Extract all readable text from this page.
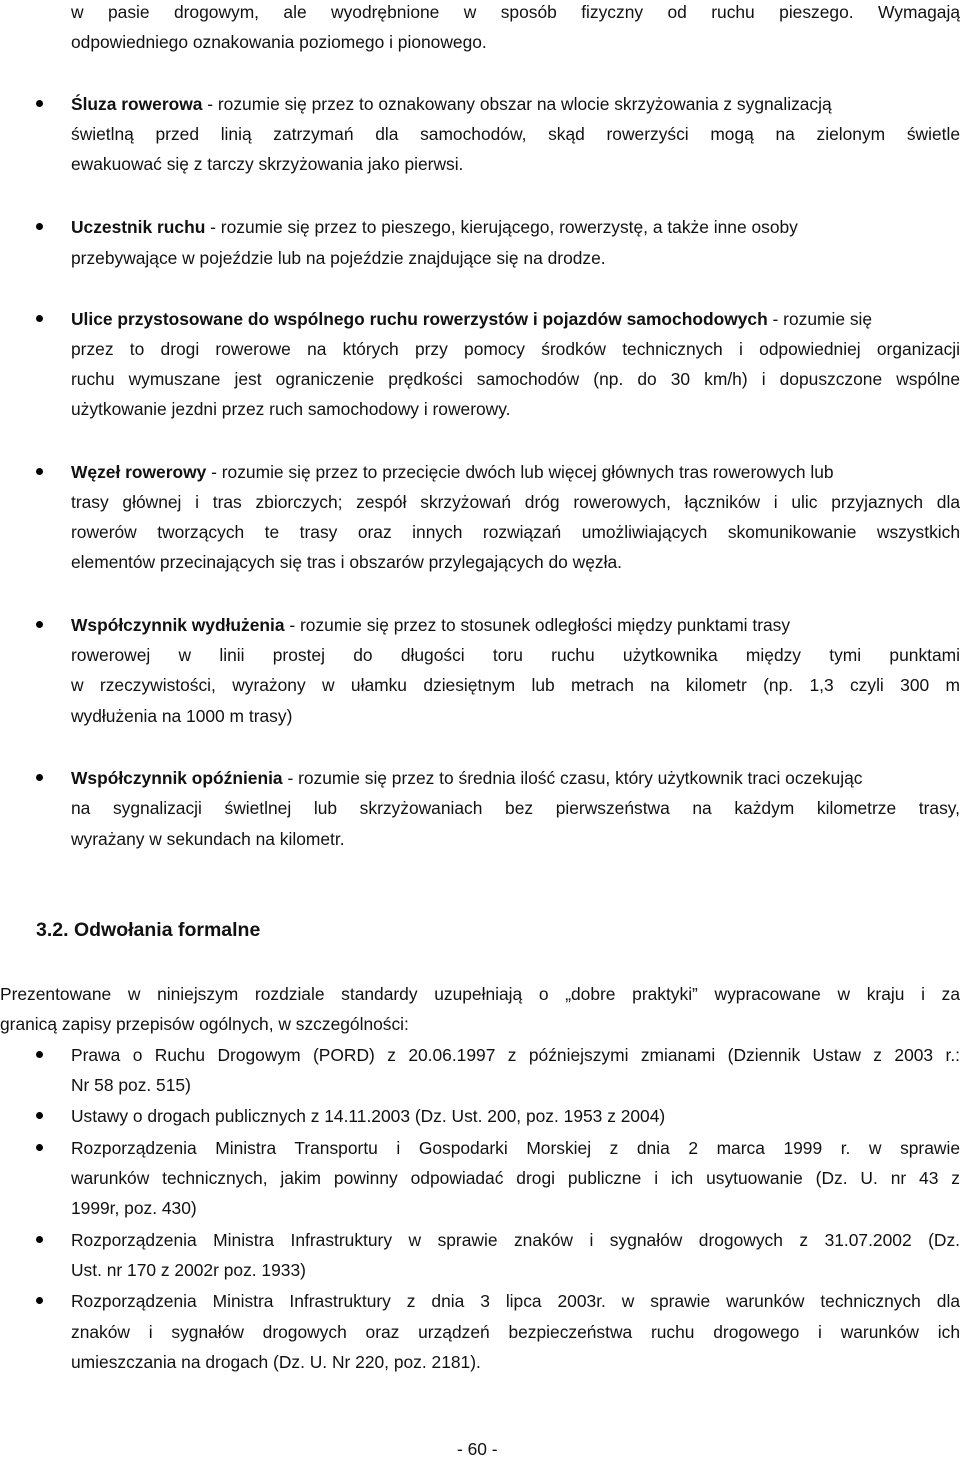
w pasie drogowym, ale wyodrębnione w sposób fizyczny od ruchu pieszego. Wymagają
odpowiedniego oznakowania poziomego i pionowego.
Śluza rowerowa - rozumie się przez to oznakowany obszar na wlocie skrzyżowania z sygnalizacją
świetlną przed linią zatrzymań dla samochodów, skąd rowerzyści mogą na zielonym świetle
ewakuować się z tarczy skrzyżowania jako pierwsi.
Uczestnik ruchu - rozumie się przez to pieszego, kierującego, rowerzystę, a także inne osoby
przebywające w pojeździe lub na pojeździe znajdujące się na drodze.
Ulice przystosowane do wspólnego ruchu rowerzystów i pojazdów samochodowych - rozumie się
przez to drogi rowerowe na których przy pomocy środków technicznych i odpowiedniej organizacji
ruchu wymuszane jest ograniczenie prędkości samochodów (np. do 30 km/h) i dopuszczone wspólne
użytkowanie jezdni przez ruch samochodowy i rowerowy.
Węzeł rowerowy - rozumie się przez to przecięcie dwóch lub więcej głównych tras rowerowych lub
trasy głównej i tras zbiorczych; zespół skrzyżowań dróg rowerowych, łączników i ulic przyjaznych dla
rowerów tworzących te trasy oraz innych rozwiązań umożliwiających skomunikowanie wszystkich
elementów przecinających się tras i obszarów przylegających do węzła.
Współczynnik wydłużenia - rozumie się przez to stosunek odległości między punktami trasy
rowerowej w linii prostej do długości toru ruchu użytkownika między tymi punktami
w rzeczywistości, wyrażony w ułamku dziesiętnym lub metrach na kilometr (np. 1,3 czyli 300 m
wydłużenia na 1000 m trasy)
Współczynnik opóźnienia - rozumie się przez to średnia ilość czasu, który użytkownik traci oczekując
na sygnalizacji świetlnej lub skrzyżowaniach bez pierwszeństwa na każdym kilometrze trasy,
wyrażany w sekundach na kilometr.
3.2. Odwołania formalne
Prezentowane w niniejszym rozdziale standardy uzupełniają o „dobre praktyki” wypracowane w kraju i za
granicą zapisy przepisów ogólnych, w szczególności:
Prawa o Ruchu Drogowym (PORD) z 20.06.1997 z późniejszymi zmianami (Dziennik Ustaw z 2003 r.:
Nr 58 poz. 515)
Ustawy o drogach publicznych z 14.11.2003 (Dz. Ust. 200, poz. 1953 z 2004)
Rozporządzenia Ministra Transportu i Gospodarki Morskiej z dnia 2 marca 1999 r. w sprawie
warunków technicznych, jakim powinny odpowiadać drogi publiczne i ich usytuowanie (Dz. U. nr 43 z
1999r, poz. 430)
Rozporządzenia Ministra Infrastruktury w sprawie znaków i sygnałów drogowych z 31.07.2002 (Dz.
Ust. nr 170 z 2002r poz. 1933)
Rozporządzenia Ministra Infrastruktury z dnia 3 lipca 2003r. w sprawie warunków technicznych dla
znaków i sygnałów drogowych oraz urządzeń bezpieczeństwa ruchu drogowego i warunków ich
umieszczania na drogach (Dz. U. Nr 220, poz. 2181).
- 60 -
